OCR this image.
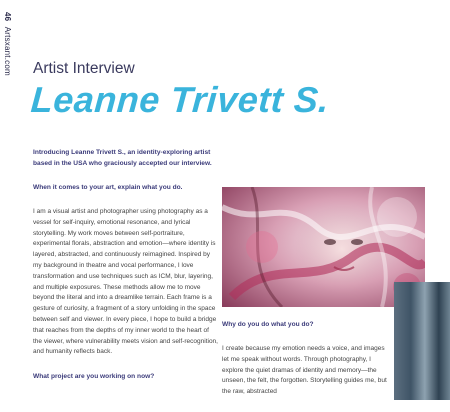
46 Artsxant.com Artist Interview
Leanne Trivett S.

Introducing Leanne Trivett S., an identity-exploring artist based in the USA who graciously accepted our interview.

When it comes to your art, explain what you do.

I am a visual artist and photographer using photography as a vessel for self-inquiry, emotional resonance, and lyrical storytelling. My work moves between self-portraiture, experimental florals, abstraction and emotion—where identity is layered, abstracted, and continuously reimagined. Inspired by my background in theatre and vocal performance, I love transformation and use techniques such as ICM, blur, layering, and multiple exposures. These methods allow me to move beyond the literal and into a dreamlike terrain. Each frame is a gesture of curiosity, a fragment of a story unfolding in the space between self and viewer. In every piece, I hope to build a bridge that reaches from the depths of my inner world to the heart of the viewer, where vulnerability meets vision and self-recognition, and humanity reflects back.

What project are you working on now?

Why do you do what you do?

I create because my emotion needs a voice, and images let me speak without words. Through photography, I explore the quiet dramas of identity and memory—the unseen, the felt, the forgotten. Storytelling guides me, but the raw, abstracted
